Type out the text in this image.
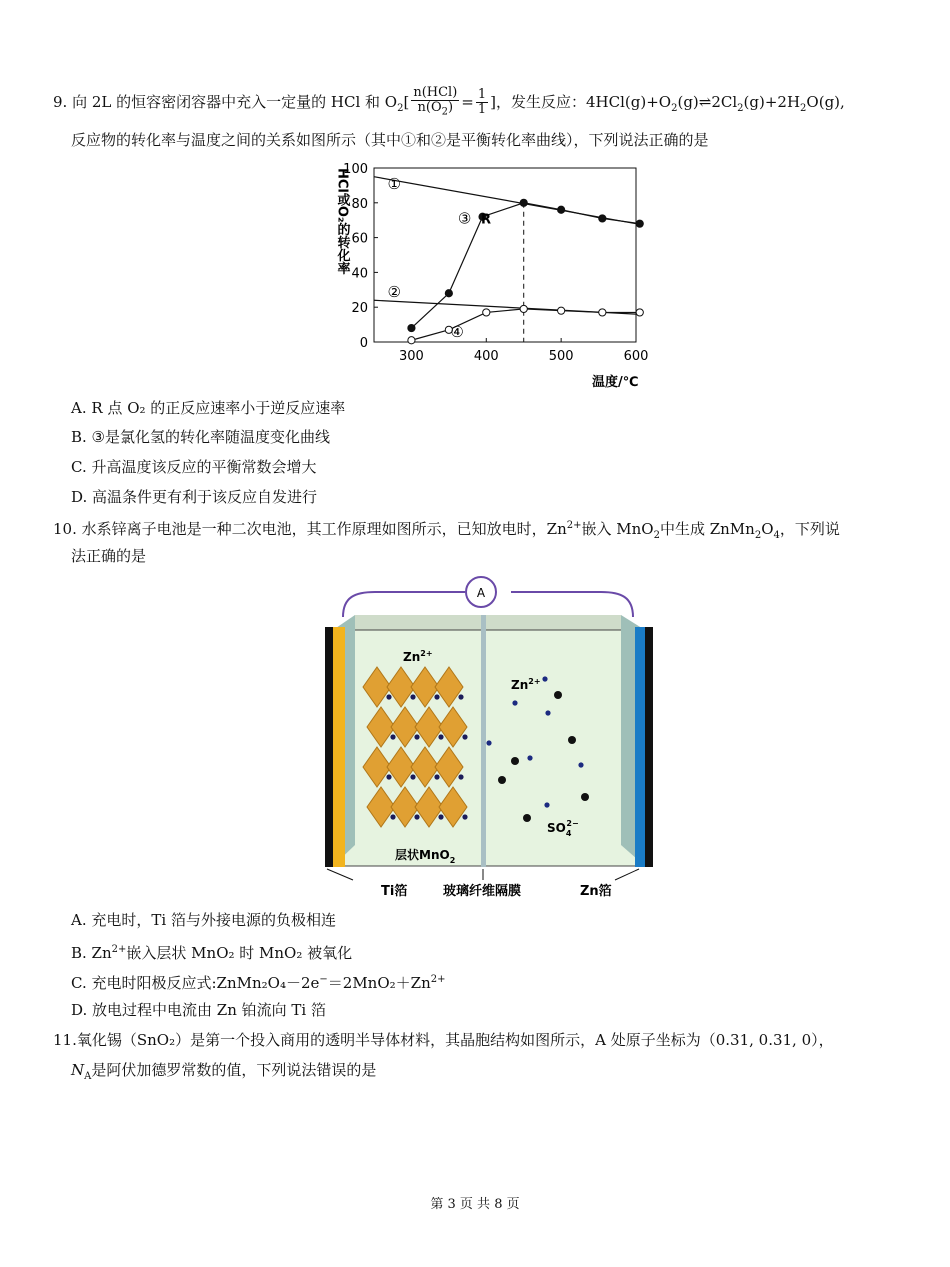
9. 向 2L 的恒容密闭容器中充入一定量的 HCl 和 $O_2[ \frac{\text{n(HCl)}}{n(O_2)} = \frac{1}{1}$ ]，发生反应：$4HCl(g)+O_2(g)\rightleftharpoons 2Cl_2(g)+2H_2O(g)$,
反应物的转化率与温度之间的关系如图所示（其中①和②是平衡转化率曲线），下列说法正确的是
0
20
40
60
80
100
300	400	500	600
HCl或O₂的转化率
温度/℃
①
②
③
④
R
A. R 点 O₂ 的正反应速率小于逆反应速率
B. ③是氯化氢的转化率随温度变化曲线
C. 升高温度该反应的平衡常数会增大
D. 高温条件更有利于该反应自发进行
10. 水系锌离子电池是一种二次电池，其工作原理如图所示，已知放电时，$Zn^{2+}$嵌入 MnO$_2$中生成 $ZnMn_2O_4$，下列说
法正确的是
A
$Zn^{2+}$
$Zn^{2+}$
$SO_42-$
层状MnO$_2$
Ti箔	玻璃纤维隔膜	Zn箔
A. 充电时，Ti 箔与外接电源的负极相连
B. $Zn^{2+}$嵌入层状 MnO₂ 时 MnO₂ 被氧化
C. 充电时阳极反应式$:ZnMn_2O_4-2e^-=2MnO_2+Zn^{2+}$
D. 放电过程中电流由 Zn 铂流向 Ti 箔
11.氧化锡（SnO₂）是第一个投入商用的透明半导体材料，其晶胞结构如图所示，A 处原子坐标为（0.31, 0.31, 0），
$N_A$是阿伏加德罗常数的值，下列说法错误的是
第 3 页 共 8 页
